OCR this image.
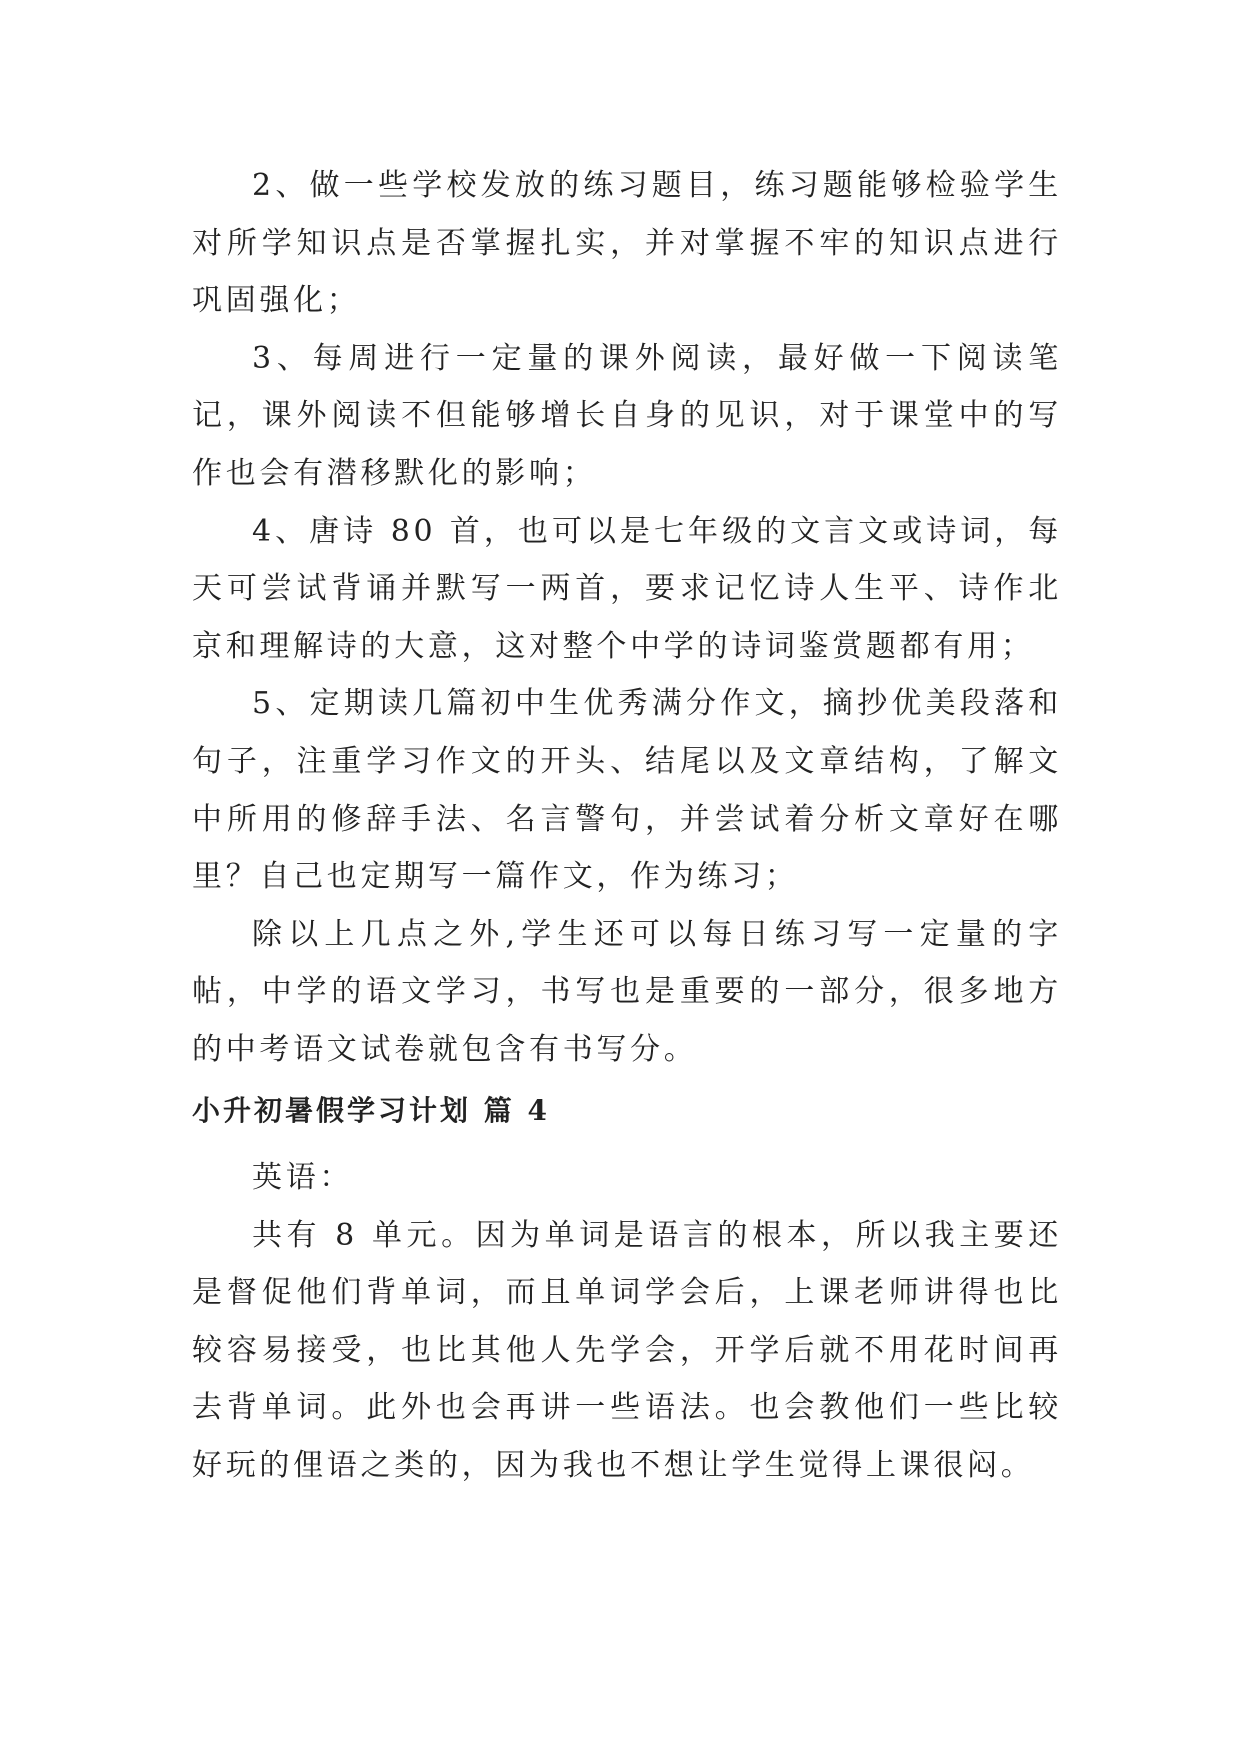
2、做一些学校发放的练习题目，练习题能够检验学生对所学知识点是否掌握扎实，并对掌握不牢的知识点进行巩固强化；

3、每周进行一定量的课外阅读，最好做一下阅读笔记，课外阅读不但能够增长自身的见识，对于课堂中的写作也会有潜移默化的影响；

4、唐诗 80 首，也可以是七年级的文言文或诗词，每天可尝试背诵并默写一两首，要求记忆诗人生平、诗作北京和理解诗的大意，这对整个中学的诗词鉴赏题都有用；

5、定期读几篇初中生优秀满分作文，摘抄优美段落和句子，注重学习作文的开头、结尾以及文章结构，了解文中所用的修辞手法、名言警句，并尝试着分析文章好在哪里？自己也定期写一篇作文，作为练习；

除以上几点之外,学生还可以每日练习写一定量的字帖，中学的语文学习，书写也是重要的一部分，很多地方的中考语文试卷就包含有书写分。

小升初暑假学习计划 篇 4

英语：

共有 8 单元。因为单词是语言的根本，所以我主要还是督促他们背单词，而且单词学会后，上课老师讲得也比较容易接受，也比其他人先学会，开学后就不用花时间再去背单词。此外也会再讲一些语法。也会教他们一些比较好玩的俚语之类的，因为我也不想让学生觉得上课很闷。
